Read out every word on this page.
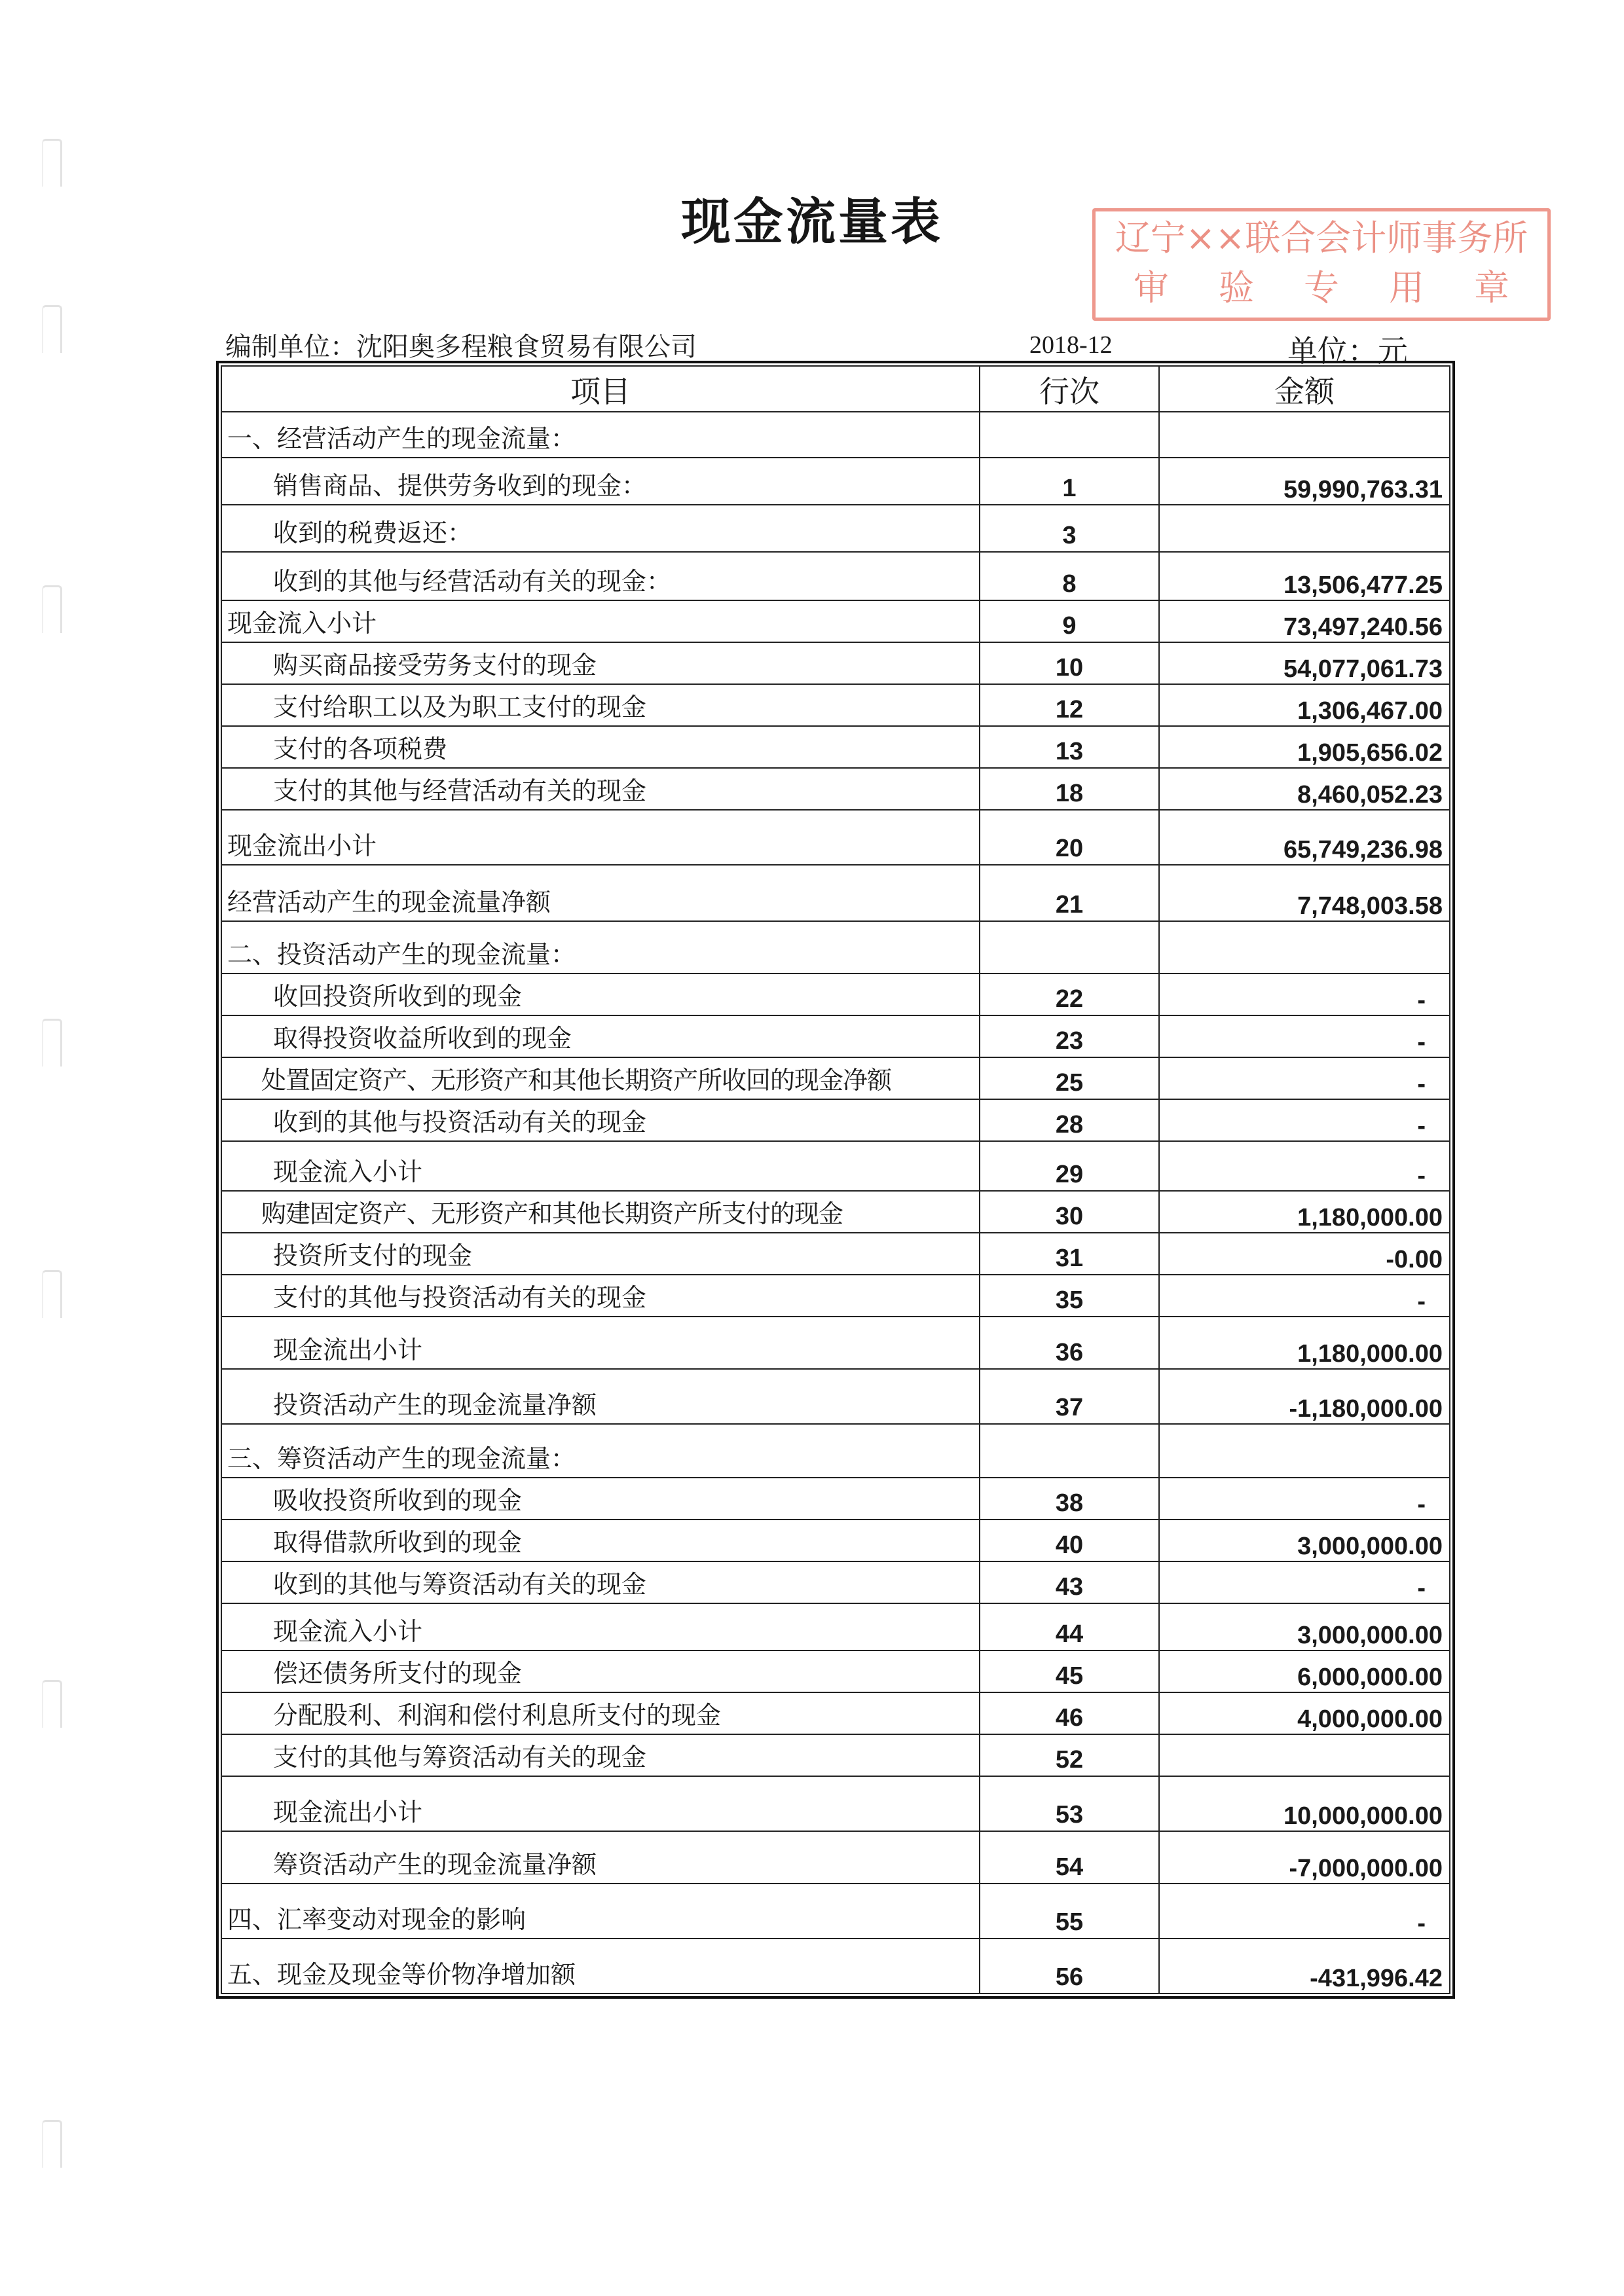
现金流量表	辽宁××联合会计师事务所
审 验 专 用 章
编制单位：沈阳奥多程粮食贸易有限公司	2018-12	单位：元
项目	行次	金额
一、经营活动产生的现金流量：		
销售商品、提供劳务收到的现金：	1	59,990,763.31
收到的税费返还：	3	
收到的其他与经营活动有关的现金：	8	13,506,477.25
现金流入小计	9	73,497,240.56
购买商品接受劳务支付的现金	10	54,077,061.73
支付给职工以及为职工支付的现金	12	1,306,467.00
支付的各项税费	13	1,905,656.02
支付的其他与经营活动有关的现金	18	8,460,052.23
现金流出小计	20	65,749,236.98
经营活动产生的现金流量净额	21	7,748,003.58
二、投资活动产生的现金流量：		
收回投资所收到的现金	22	-
取得投资收益所收到的现金	23	-
处置固定资产、无形资产和其他长期资产所收回的现金净额	25	-
收到的其他与投资活动有关的现金	28	-
现金流入小计	29	-
购建固定资产、无形资产和其他长期资产所支付的现金	30	1,180,000.00
投资所支付的现金	31	-0.00
支付的其他与投资活动有关的现金	35	-
现金流出小计	36	1,180,000.00
投资活动产生的现金流量净额	37	-1,180,000.00
三、筹资活动产生的现金流量：		
吸收投资所收到的现金	38	-
取得借款所收到的现金	40	3,000,000.00
收到的其他与筹资活动有关的现金	43	-
现金流入小计	44	3,000,000.00
偿还债务所支付的现金	45	6,000,000.00
分配股利、利润和偿付利息所支付的现金	46	4,000,000.00
支付的其他与筹资活动有关的现金	52	
现金流出小计	53	10,000,000.00
筹资活动产生的现金流量净额	54	-7,000,000.00
四、汇率变动对现金的影响	55	-
五、现金及现金等价物净增加额	56	-431,996.42
